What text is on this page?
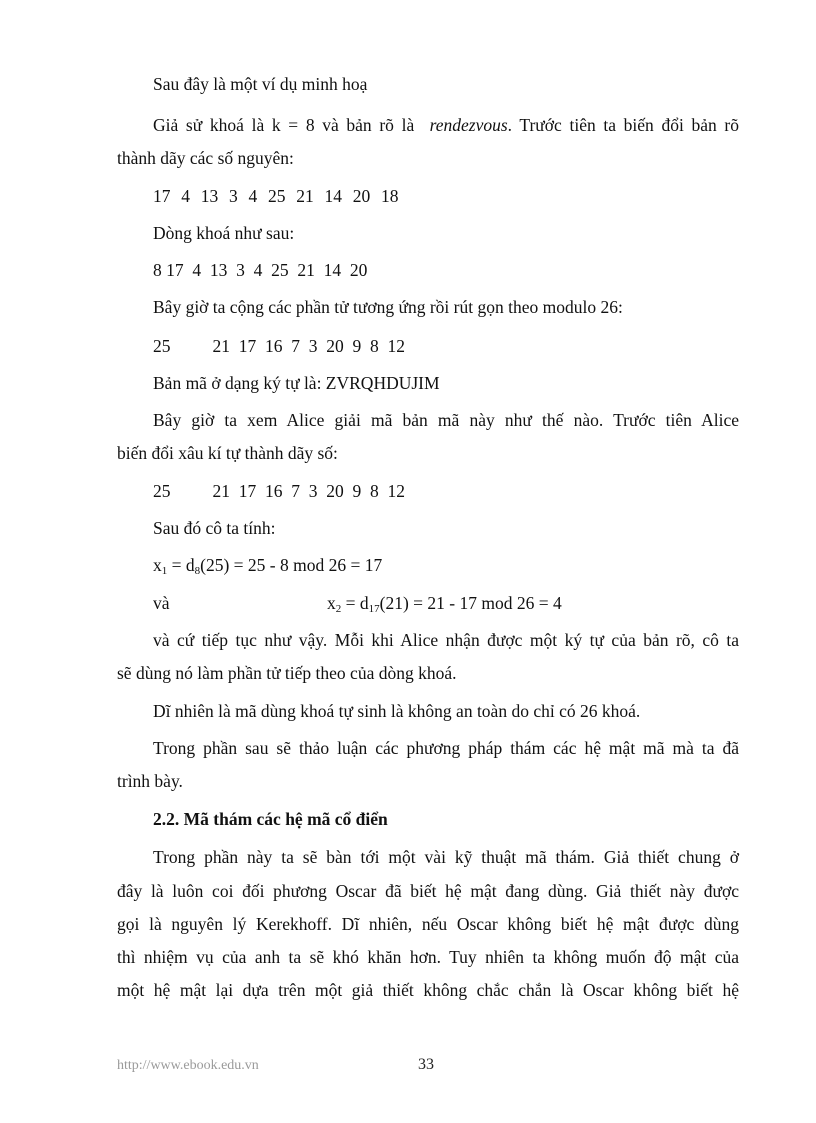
Sau đây là một ví dụ minh hoạ
Giả sử khoá là k = 8 và bản rõ là rendezvous. Trước tiên ta biến đổi bản rõ
thành dãy các số nguyên:
17  4  13  3  4  25  21  14  20  18
Dòng khoá như sau:
8 17  4  13  3  4  25  21  14  20
Bây giờ ta cộng các phần tử tương ứng rồi rút gọn theo modulo 26:
25 21  17  16  7  3  20  9  8  12
Bản mã ở dạng ký tự là: ZVRQHDUJIM
Bây giờ ta xem Alice giải mã bản mã này như thế nào. Trước tiên Alice
biến đổi xâu kí tự thành dãy số:
25 21  17  16  7  3  20  9  8  12
Sau đó cô ta tính:
$x_1 = d_8(25) = 25 - 8$ mod 26 = 17
và	$x_2 = d_{17}(21) = 21 - 17$ mod 26 = 4
và cứ tiếp tục như vậy. Mỗi khi Alice nhận được một ký tự của bản rõ, cô ta
sẽ dùng nó làm phần tử tiếp theo của dòng khoá.
Dĩ nhiên là mã dùng khoá tự sinh là không an toàn do chỉ có 26 khoá.
Trong phần sau sẽ thảo luận các phương pháp thám các hệ mật mã mà ta đã
trình bày.
2.2. Mã thám các hệ mã cổ điển
Trong phần này ta sẽ bàn tới một vài kỹ thuật mã thám. Giả thiết chung ở
đây là luôn coi đối phương Oscar đã biết hệ mật đang dùng. Giả thiết này được
gọi là nguyên lý Kerekhoff. Dĩ nhiên, nếu Oscar không biết hệ mật được dùng
thì nhiệm vụ của anh ta sẽ khó khăn hơn. Tuy nhiên ta không muốn độ mật của
một hệ mật lại dựa trên một giả thiết không chắc chắn là Oscar không biết hệ
http://www.ebook.edu.vn	33
